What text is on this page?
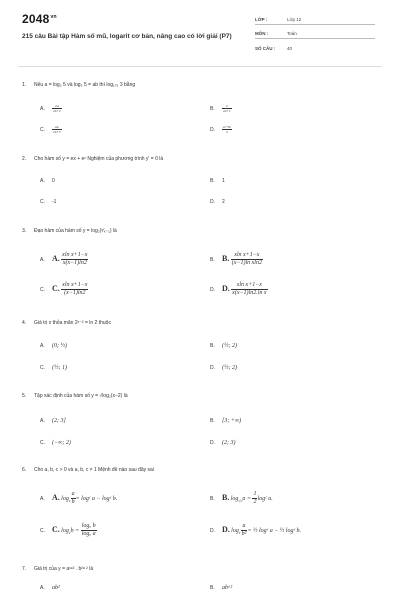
$2048^{vn}$
215 câu Bài tập Hàm số mũ, logarit cơ bản, nâng cao có lời giải (P7)
LỚP :	Lớp 12
MÔN :	Toán
SỐ CÂU :	40
1. Nếu a = log₂ 5 và log₃ 5 = ab thì log₁₇₅ 3 bằng
A. $\frac{2a}{2b+2}$	B. $\frac{2}{2a+1}$
C. $\frac{ab}{2b+5}$	D. $\frac{a+3b}{2}$
2. Cho hàm số y = ex + eˣ Nghiệm của phương trình y' = 0 là
A. 0	B. 1
C. -1	D. 2
3. Đạo hàm của hàm số y = log₂(ˣ⁄ₓ₋₁) là
A. A. $\frac{\text{xln x+1−x}}{x(x-1)\ln 2}$	B. B. $\frac{\text{xln x+1−x}}{\text{(x−1)ln xln2}}$
C. C. $\frac{\text{xln x+1−x}}{(x-1)\ln 2}$	D. D. $\frac{\text{xln x+1−x}}{\text{x(x−1)ln2.ln x}}$
4. Giá trị x thỏa mãn 2ˣ⁻² = ln 2 thuộc
A. (0; ½)	B. (½; 2)
C. (½; 1)	D. (½; 2)
5. Tập xác định của hàm số y = √log₂(x−2) là
A. (2; 3]	B. [3; +∞)
C. (−∞; 2)	D. (2; 3)
6. Cho a, b, c > 0 và a, b, c ≠ 1 Mệnh đề nào sau đây sai
A. A. $\log_c \frac{a}{b}$ = logᶜ a − logᶜ b.	B. B. $\log_{√c}a = \frac{1}{2}$ logᶜ a.
C. C. $\log_cb = \frac{\text{logₐ b}}{\text{logₐ a}}$	D. D. $\log_c \frac{a}{\text{b²}}$ = ½ logᶜ a − ½ logᶜ b.
7. Giá trị của y = aˢᶜ² . b²ᵃ ² là
A. ab²	B. abᵃ²
